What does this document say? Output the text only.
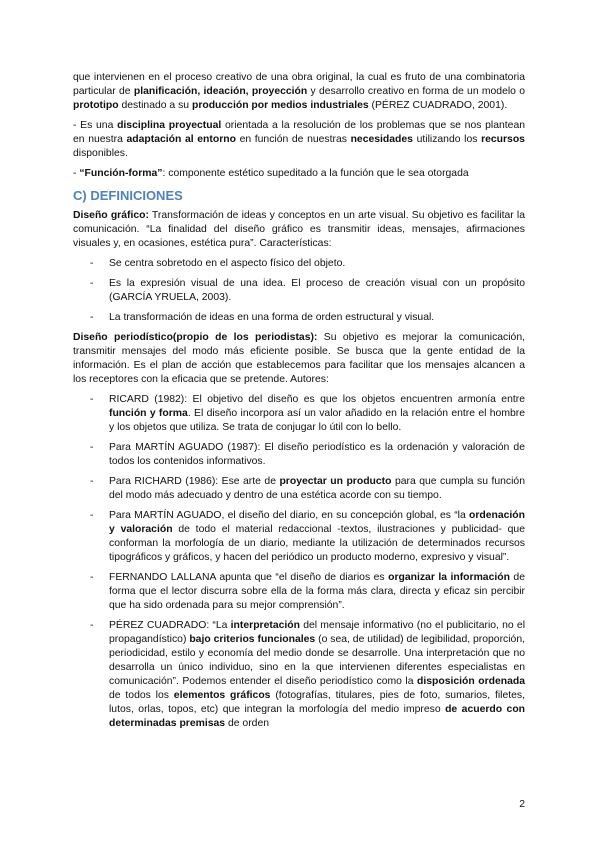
que intervienen en el proceso creativo de una obra original, la cual es fruto de una combinatoria particular de planificación, ideación, proyección y desarrollo creativo en forma de un modelo o prototipo destinado a su producción por medios industriales (PÉREZ CUADRADO, 2001).

- Es una disciplina proyectual orientada a la resolución de los problemas que se nos plantean en nuestra adaptación al entorno en función de nuestras necesidades utilizando los recursos disponibles.

- “Función-forma”: componente estético supeditado a la función que le sea otorgada

C) DEFINICIONES

Diseño gráfico: Transformación de ideas y conceptos en un arte visual. Su objetivo es facilitar la comunicación. “La finalidad del diseño gráfico es transmitir ideas, mensajes, afirmaciones visuales y, en ocasiones, estética pura”. Características:

- Se centra sobretodo en el aspecto físico del objeto.
- Es la expresión visual de una idea. El proceso de creación visual con un propósito (GARCÍA YRUELA, 2003).
- La transformación de ideas en una forma de orden estructural y visual.

Diseño periodístico(propio de los periodistas): Su objetivo es mejorar la comunicación, transmitir mensajes del modo más eficiente posible. Se busca que la gente entidad de la información. Es el plan de acción que establecemos para facilitar que los mensajes alcancen a los receptores con la eficacia que se pretende. Autores:

- RICARD (1982): El objetivo del diseño es que los objetos encuentren armonía entre función y forma. El diseño incorpora así un valor añadido en la relación entre el hombre y los objetos que utiliza. Se trata de conjugar lo útil con lo bello.
- Para MARTÍN AGUADO (1987): El diseño periodístico es la ordenación y valoración de todos los contenidos informativos.
- Para RICHARD (1986): Ese arte de proyectar un producto para que cumpla su función del modo más adecuado y dentro de una estética acorde con su tiempo.
- Para MARTÍN AGUADO, el diseño del diario, en su concepción global, es “la ordenación y valoración de todo el material redaccional -textos, ilustraciones y publicidad- que conforman la morfología de un diario, mediante la utilización de determinados recursos tipográficos y gráficos, y hacen del periódico un producto moderno, expresivo y visual”.
- FERNANDO LALLANA apunta que “el diseño de diarios es organizar la información de forma que el lector discurra sobre ella de la forma más clara, directa y eficaz sin percibir que ha sido ordenada para su mejor comprensión”.
- PÉREZ CUADRADO: “La interpretación del mensaje informativo (no el publicitario, no el propagandístico) bajo criterios funcionales (o sea, de utilidad) de legibilidad, proporción, periodicidad, estilo y economía del medio donde se desarrolle. Una interpretación que no desarrolla un único individuo, sino en la que intervienen diferentes especialistas en comunicación”. Podemos entender el diseño periodístico como la disposición ordenada de todos los elementos gráficos (fotografías, titulares, pies de foto, sumarios, filetes, lutos, orlas, topos, etc) que integran la morfología del medio impreso de acuerdo con determinadas premisas de orden
2
